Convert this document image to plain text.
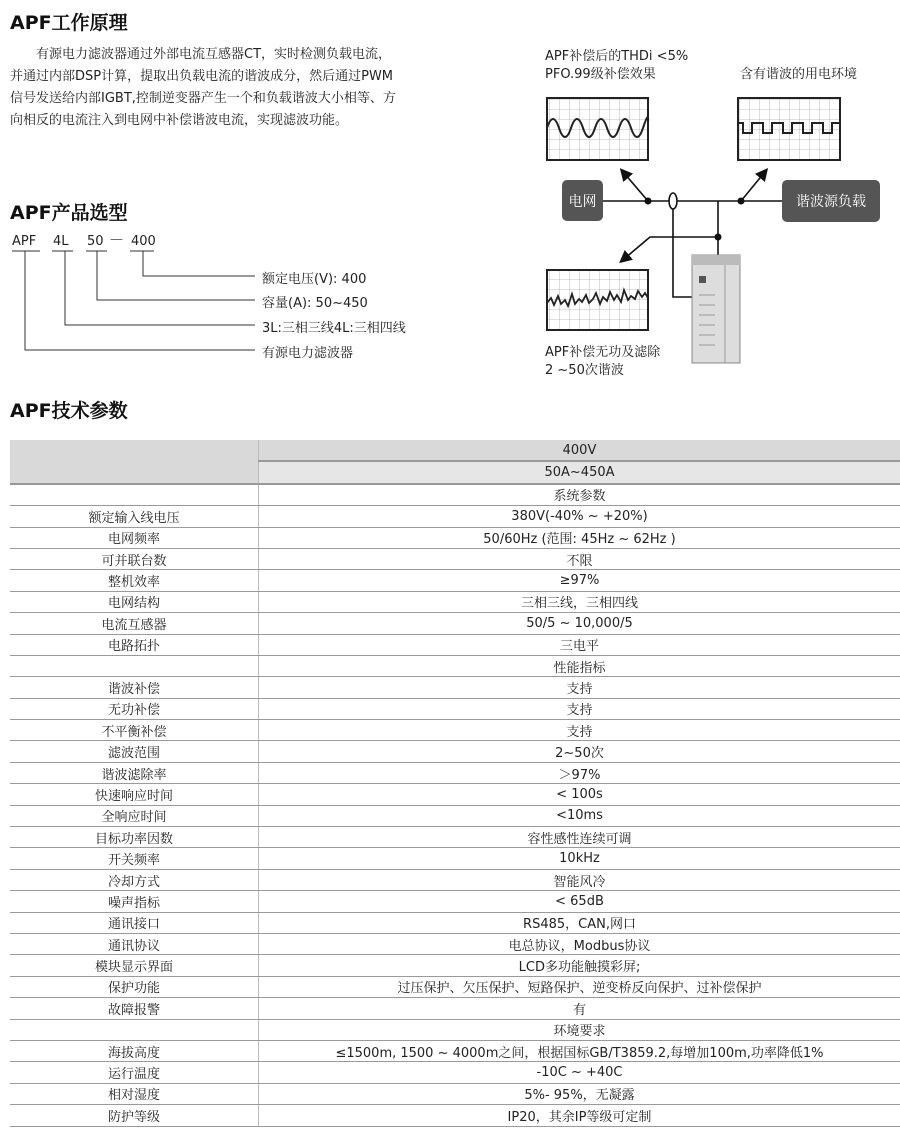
APF工作原理

有源电力滤波器通过外部电流互感器CT，实时检测负载电流，

并通过内部DSP计算，提取出负载电流的谐波成分，然后通过PWM
信号发送给内部IGBT,控制逆变器产生一个和负载谐波大小相等、方
向相反的电流注入到电网中补偿谐波电流，实现滤波功能。
APF补偿后的THDi <5%
PFO.99级补偿效果	含有谐波的用电环境
电网	谐波源负载
APF补偿无功及滤除
2 ~50次谐波
APF产品选型
APF 4L 50 — 400
额定电压(V): 400
容量(A): 50~450
3L:三相三线4L:三相四线
有源电力滤波器
APF技术参数
	400V
	50A~450A
	系统参数
额定输入线电压	380V(-40% ~ +20%)
电网频率	50/60Hz (范围: 45Hz ~ 62Hz )
可并联台数	不限
整机效率	≥97%
电网结构	三相三线，三相四线
电流互感器	50/5 ~ 10,000/5
电路拓扑	三电平
	性能指标
谐波补偿	支持
无功补偿	支持
不平衡补偿	支持
滤波范围	2~50次
谐波滤除率	＞97%
快速响应时间	< 100s
全响应时间	<10ms
目标功率因数	容性感性连续可调
开关频率	10kHz
冷却方式	智能风冷
噪声指标	< 65dB
通讯接口	RS485，CAN,网口
通讯协议	电总协议，Modbus协议
模块显示界面	LCD多功能触摸彩屏;
保护功能	过压保护、欠压保护、短路保护、逆变桥反向保护、过补偿保护
故障报警	有
	环境要求
海拔高度	≤1500m, 1500 ~ 4000m之间，根据国标GB/T3859.2,每增加100m,功率降低1%
运行温度	-10C ~ +40C
相对湿度	5%- 95%，无凝露
防护等级	IP20，其余IP等级可定制
